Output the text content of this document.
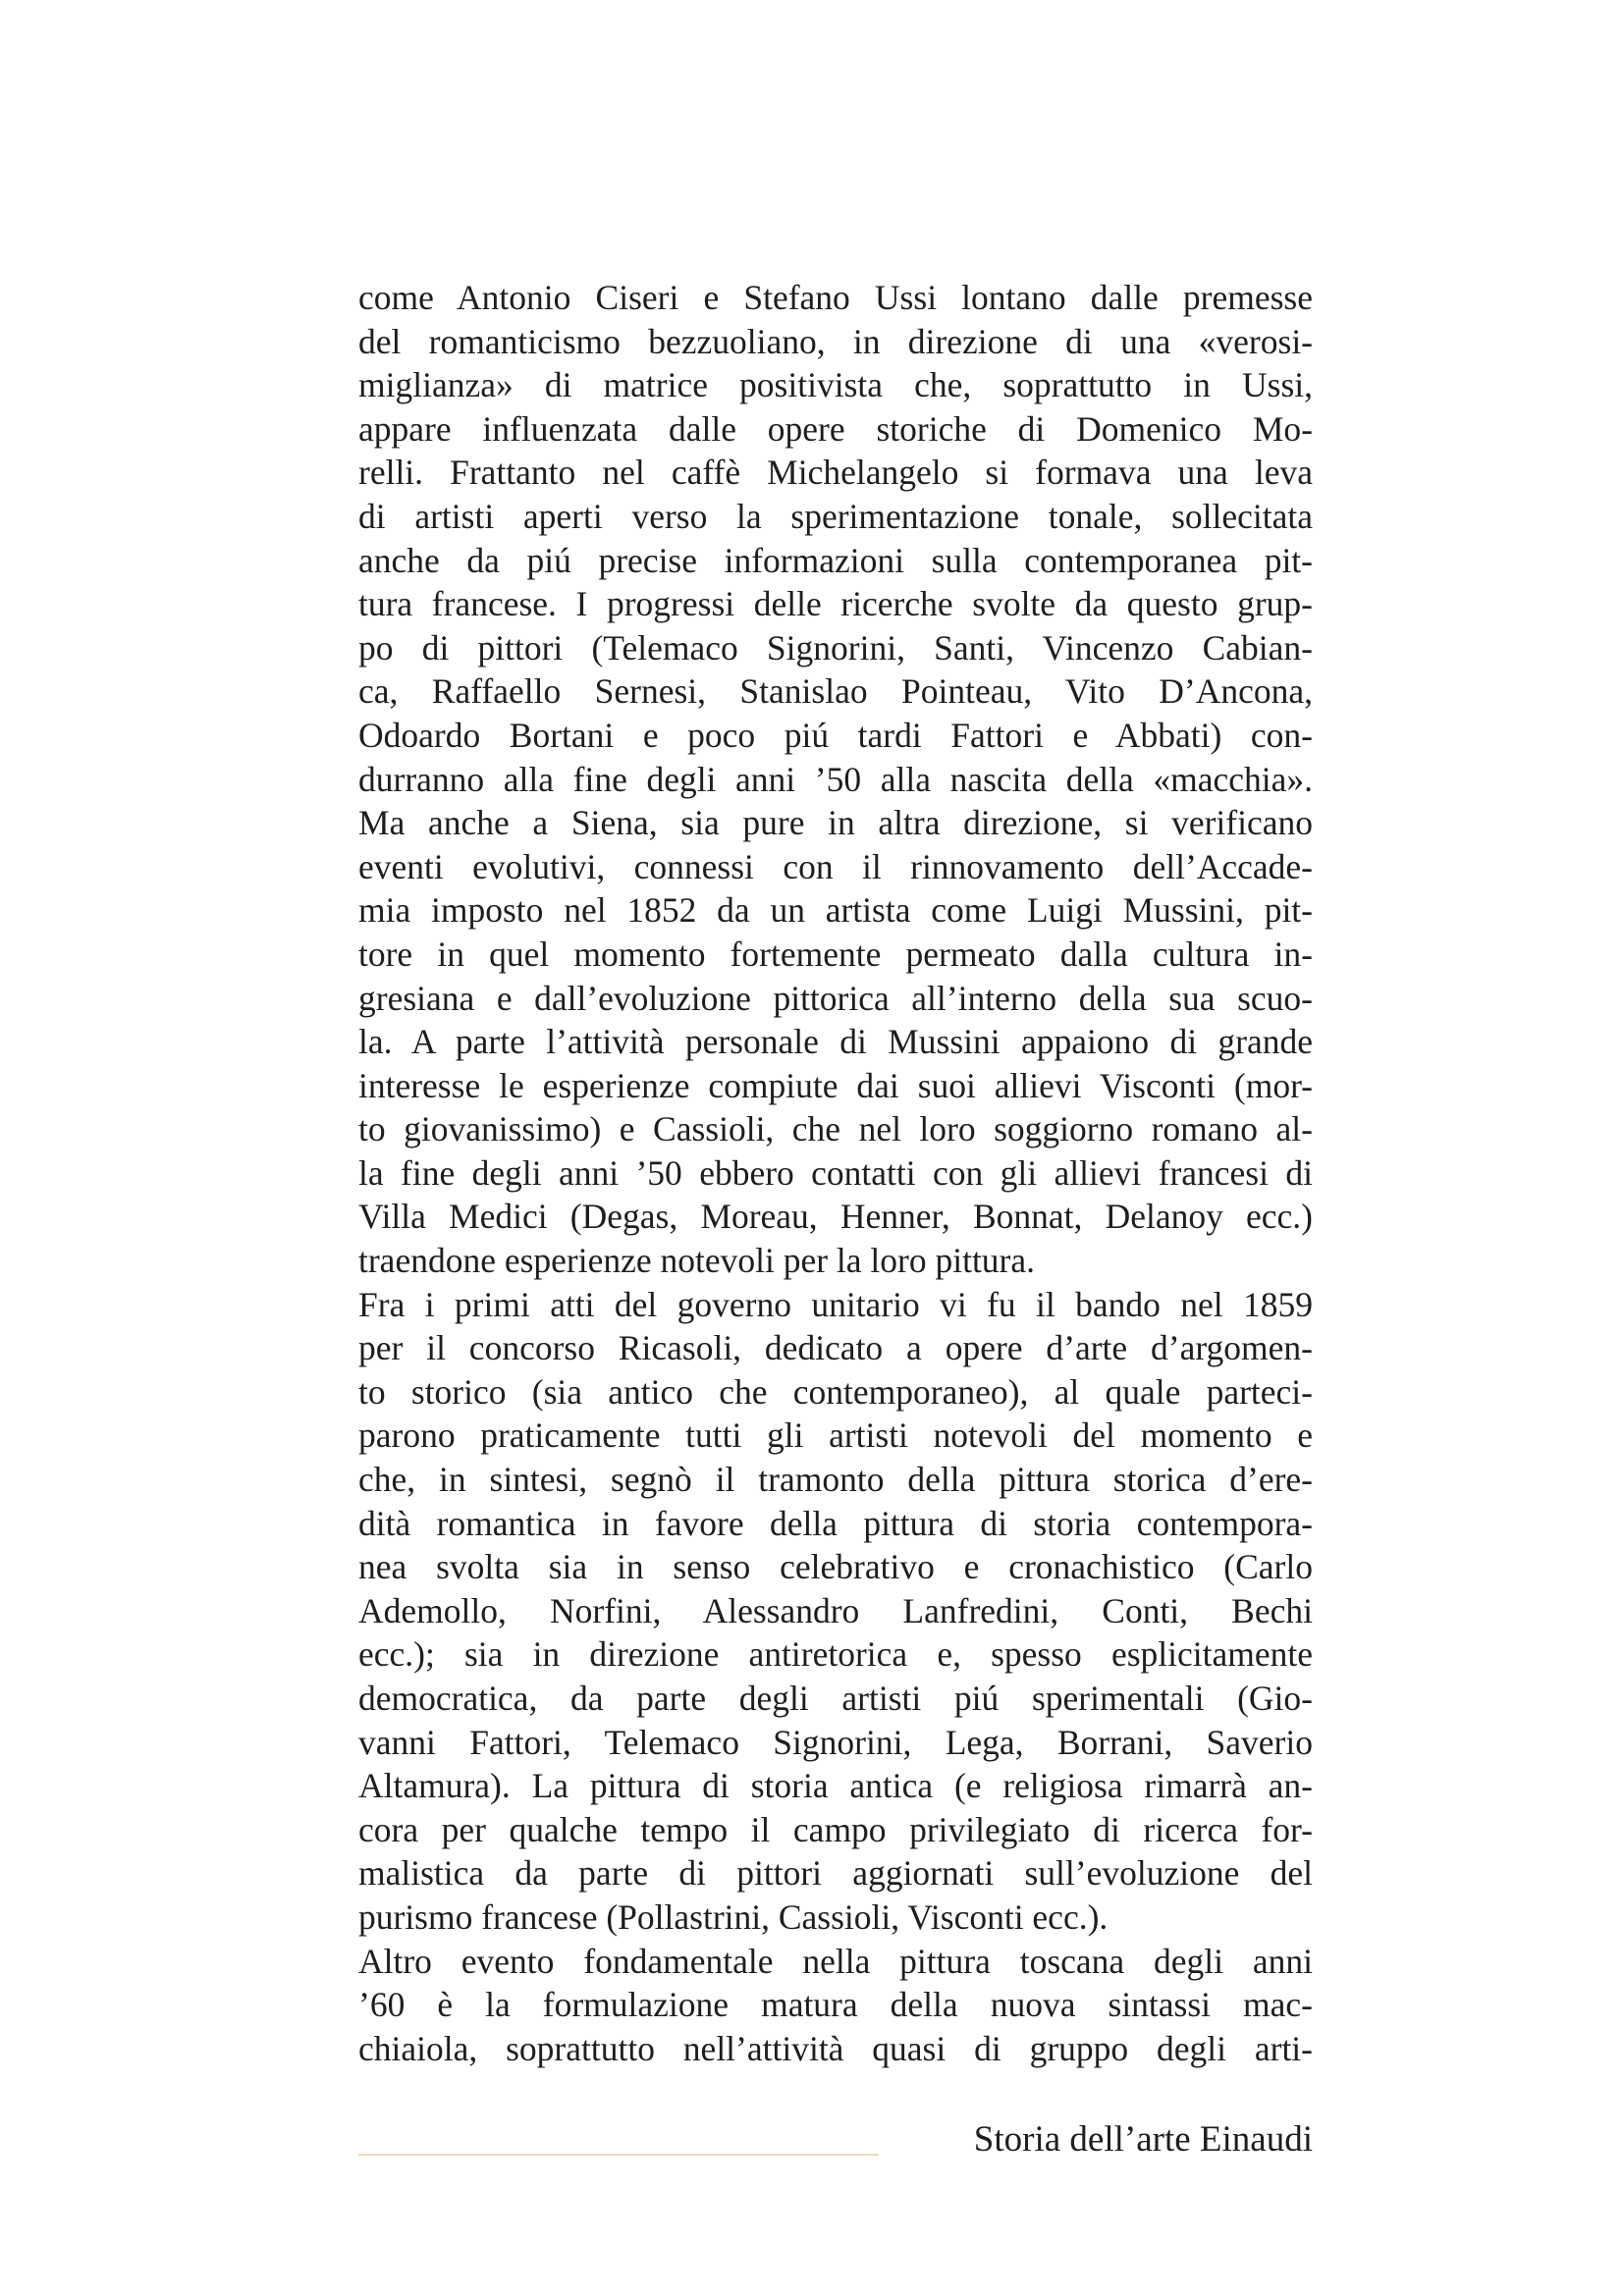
come Antonio Ciseri e Stefano Ussi lontano dalle premesse
del romanticismo bezzuoliano, in direzione di una «verosi-
miglianza» di matrice positivista che, soprattutto in Ussi,
appare influenzata dalle opere storiche di Domenico Mo-
relli. Frattanto nel caffè Michelangelo si formava una leva
di artisti aperti verso la sperimentazione tonale, sollecitata
anche da piú precise informazioni sulla contemporanea pit-
tura francese. I progressi delle ricerche svolte da questo grup-
po di pittori (Telemaco Signorini, Santi, Vincenzo Cabian-
ca, Raffaello Sernesi, Stanislao Pointeau, Vito D’Ancona,
Odoardo Bortani e poco piú tardi Fattori e Abbati) con-
durranno alla fine degli anni ’50 alla nascita della «macchia».
Ma anche a Siena, sia pure in altra direzione, si verificano
eventi evolutivi, connessi con il rinnovamento dell’Accade-
mia imposto nel 1852 da un artista come Luigi Mussini, pit-
tore in quel momento fortemente permeato dalla cultura in-
gresiana e dall’evoluzione pittorica all’interno della sua scuo-
la. A parte l’attività personale di Mussini appaiono di grande
interesse le esperienze compiute dai suoi allievi Visconti (mor-
to giovanissimo) e Cassioli, che nel loro soggiorno romano al-
la fine degli anni ’50 ebbero contatti con gli allievi francesi di
Villa Medici (Degas, Moreau, Henner, Bonnat, Delanoy ecc.)
traendone esperienze notevoli per la loro pittura.
Fra i primi atti del governo unitario vi fu il bando nel 1859
per il concorso Ricasoli, dedicato a opere d’arte d’argomen-
to storico (sia antico che contemporaneo), al quale parteci-
parono praticamente tutti gli artisti notevoli del momento e
che, in sintesi, segnò il tramonto della pittura storica d’ere-
dità romantica in favore della pittura di storia contempora-
nea svolta sia in senso celebrativo e cronachistico (Carlo
Ademollo, Norfini, Alessandro Lanfredini, Conti, Bechi
ecc.); sia in direzione antiretorica e, spesso esplicitamente
democratica, da parte degli artisti piú sperimentali (Gio-
vanni Fattori, Telemaco Signorini, Lega, Borrani, Saverio
Altamura). La pittura di storia antica (e religiosa rimarrà an-
cora per qualche tempo il campo privilegiato di ricerca for-
malistica da parte di pittori aggiornati sull’evoluzione del
purismo francese (Pollastrini, Cassioli, Visconti ecc.).
Altro evento fondamentale nella pittura toscana degli anni
’60 è la formulazione matura della nuova sintassi mac-
chiaiola, soprattutto nell’attività quasi di gruppo degli arti-
Storia dell’arte Einaudi
